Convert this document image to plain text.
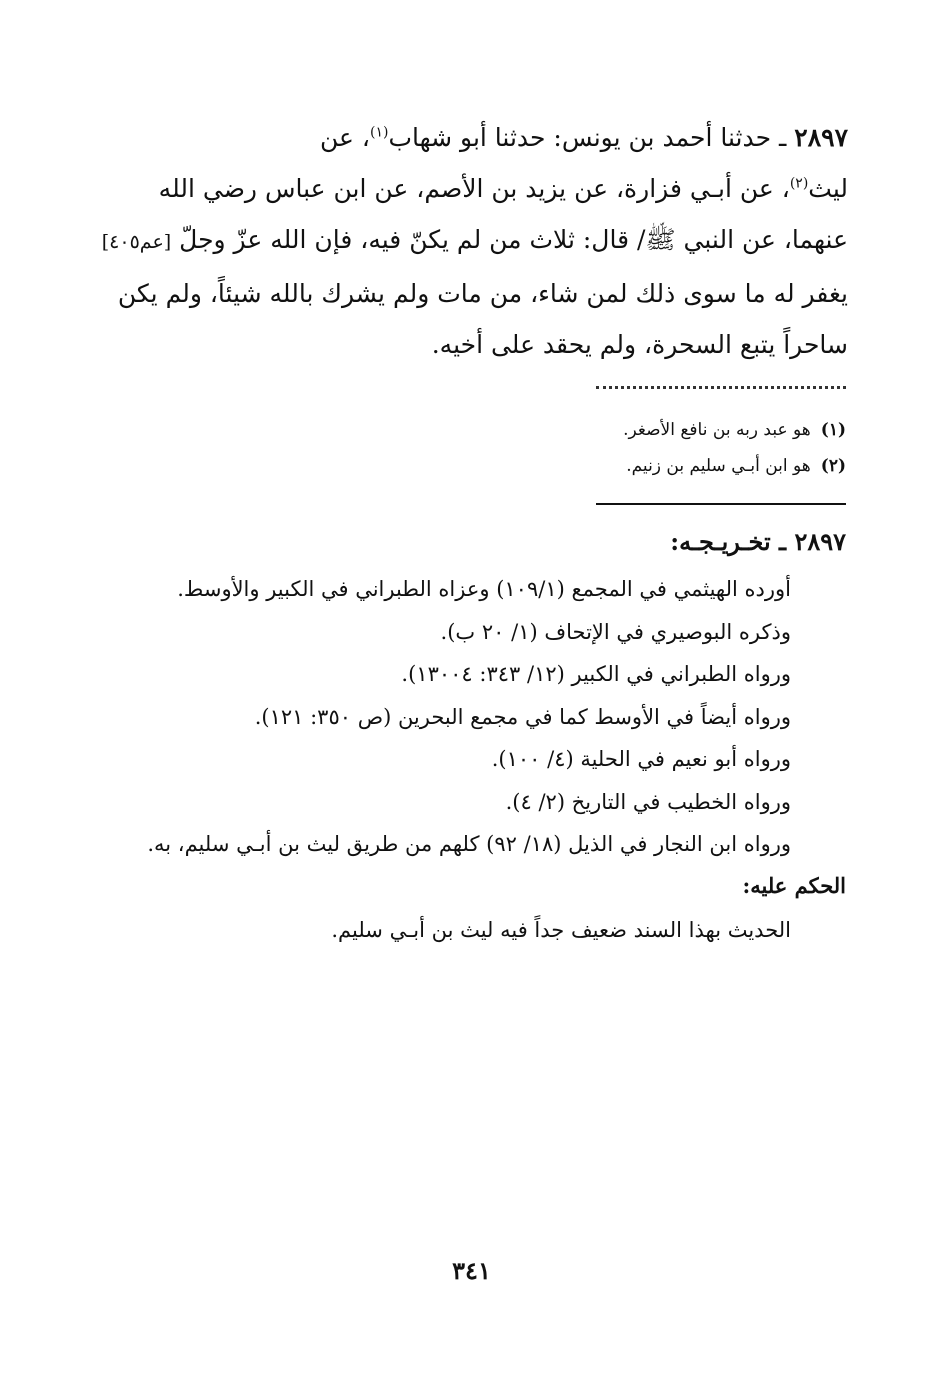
٢٨٩٧ ـ حدثنا أحمد بن يونس: حدثنا أبو شهاب$^{(١)}$، عن
ليث$^{(٢)}$، عن أبـي فزارة، عن يزيد بن الأصم، عن ابن عباس رضي الله
عنهما، عن النبي ﷺ/ قال: ثلاث من لم يكنّ فيه، فإن الله عزّ وجلّ [عم٤٠٥]
يغفر له ما سوى ذلك لمن شاء، من مات ولم يشرك بالله شيئاً، ولم يكن
ساحراً يتبع السحرة، ولم يحقد على أخيه.
(١)هو عبد ربه بن نافع الأصغر.
(٢)هو ابن أبـي سليم بن زنيم.
٢٨٩٧ ـ تخـريـجـه:
أورده الهيثمي في المجمع (١٠٩/١) وعزاه الطبراني في الكبير والأوسط.
وذكره البوصيري في الإتحاف (١/ ٢٠ ب).
ورواه الطبراني في الكبير (١٢/ ٣٤٣: ١٣٠٠٤).
ورواه أيضاً في الأوسط كما في مجمع البحرين (ص ٣٥٠: ١٢١).
ورواه أبو نعيم في الحلية (٤/ ١٠٠).
ورواه الخطيب في التاريخ (٢/ ٤).
ورواه ابن النجار في الذيل (١٨/ ٩٢) كلهم من طريق ليث بن أبـي سليم، به.
الحكم عليه:
الحديث بهذا السند ضعيف جداً فيه ليث بن أبـي سليم.
٣٤١
